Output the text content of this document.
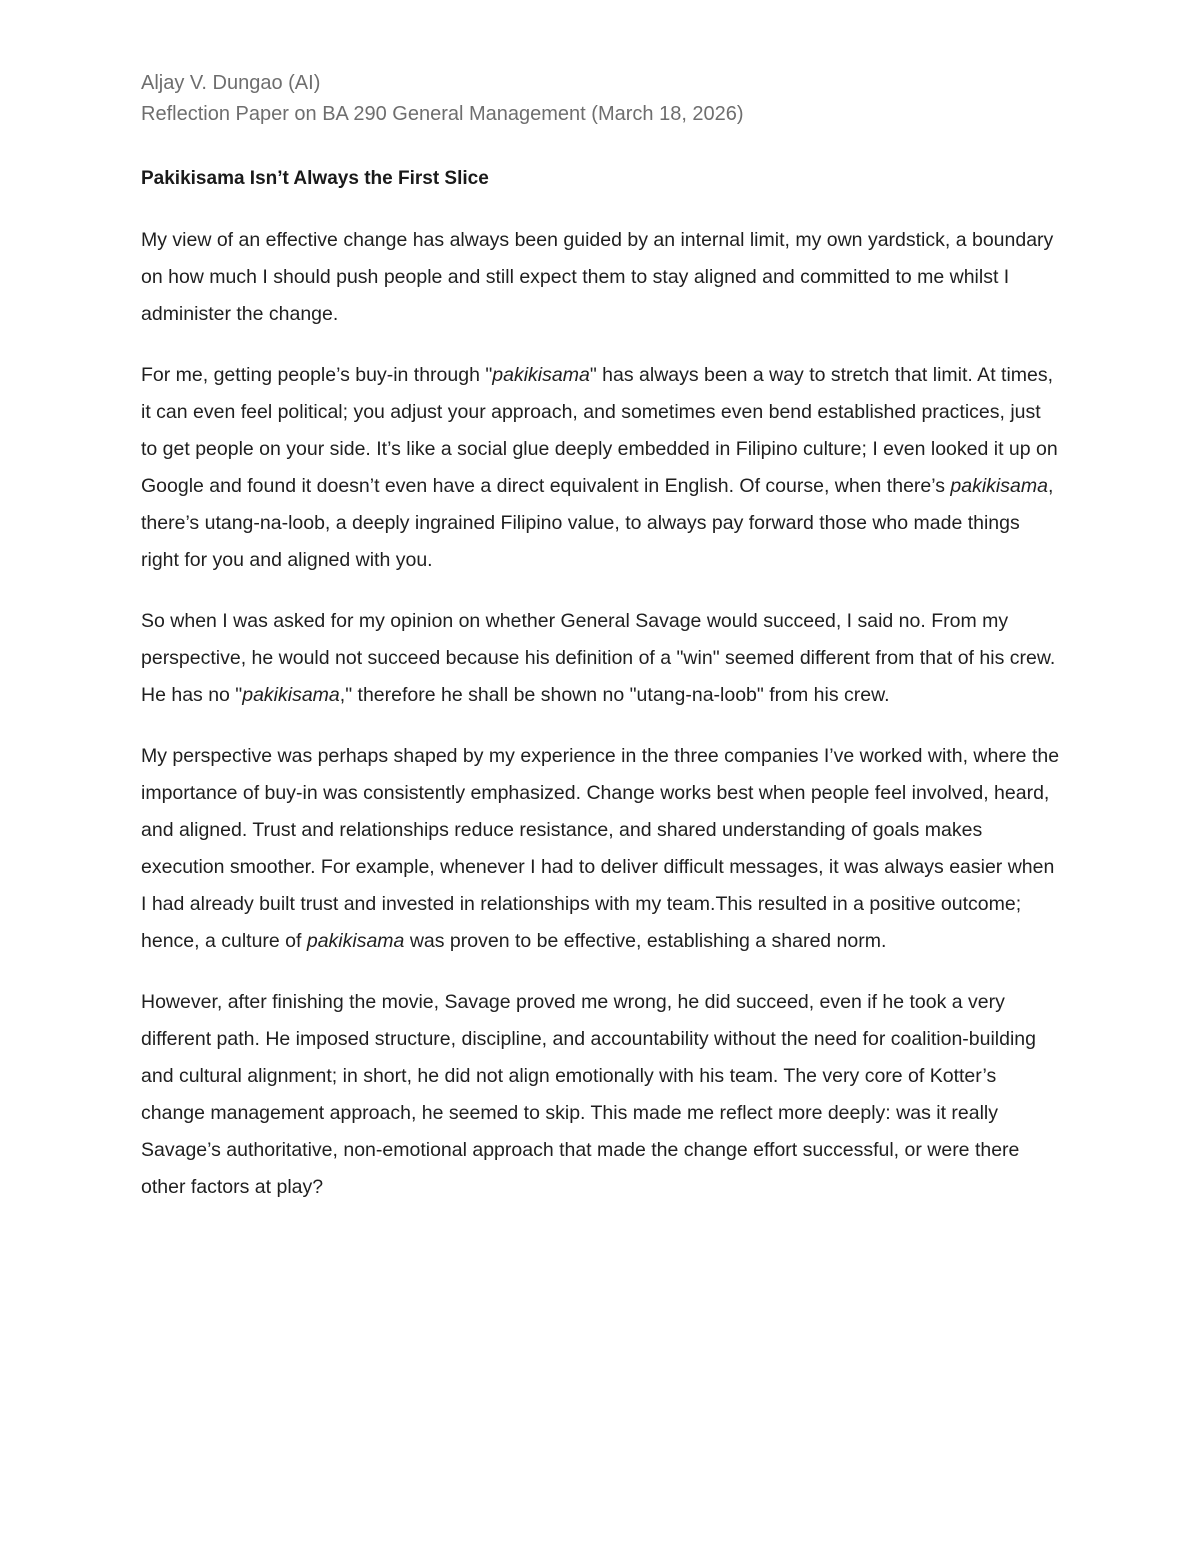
Aljay V. Dungao (AI)

Reflection Paper on BA 290 General Management (March 18, 2026)

Pakikisama Isn’t Always the First Slice

My view of an effective change has always been guided by an internal limit, my own yardstick, a boundary on how much I should push people and still expect them to stay aligned and committed to me whilst I administer the change.

For me, getting people’s buy-in through "pakikisama" has always been a way to stretch that limit. At times, it can even feel political; you adjust your approach, and sometimes even bend established practices, just to get people on your side. It’s like a social glue deeply embedded in Filipino culture; I even looked it up on Google and found it doesn’t even have a direct equivalent in English. Of course, when there’s pakikisama, there’s utang-na-loob, a deeply ingrained Filipino value, to always pay forward those who made things right for you and aligned with you.

So when I was asked for my opinion on whether General Savage would succeed, I said no. From my perspective, he would not succeed because his definition of a "win" seemed different from that of his crew. He has no "pakikisama," therefore he shall be shown no "utang-na-loob" from his crew.

My perspective was perhaps shaped by my experience in the three companies I’ve worked with, where the importance of buy-in was consistently emphasized. Change works best when people feel involved, heard, and aligned. Trust and relationships reduce resistance, and shared understanding of goals makes execution smoother. For example, whenever I had to deliver difficult messages, it was always easier when I had already built trust and invested in relationships with my team.This resulted in a positive outcome; hence, a culture of pakikisama was proven to be effective, establishing a shared norm.

However, after finishing the movie, Savage proved me wrong, he did succeed, even if he took a very different path. He imposed structure, discipline, and accountability without the need for coalition-building and cultural alignment; in short, he did not align emotionally with his team. The very core of Kotter’s change management approach, he seemed to skip. This made me reflect more deeply: was it really Savage’s authoritative, non-emotional approach that made the change effort successful, or were there other factors at play?
